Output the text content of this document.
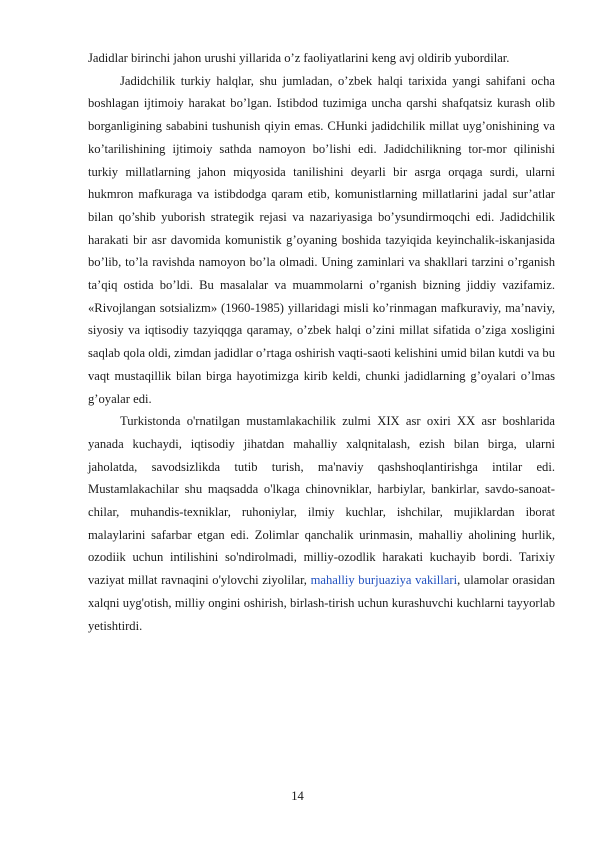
Jadidlar birinchi jahon urushi yillarida o’z faoliyatlarini keng avj oldirib yubordilar.

Jadidchilik turkiy halqlar, shu jumladan, o’zbek halqi tarixida yangi sahifani ocha boshlagan ijtimoiy harakat bo’lgan. Istibdod tuzimiga uncha qarshi shafqatsiz kurash olib borganligining sababini tushunish qiyin emas. CHunki jadidchilik millat uyg’onishining va ko’tarilishining ijtimoiy sathda namoyon bo’lishi edi. Jadidchilikning tor-mor qilinishi turkiy millatlarning jahon miqyosida tanilishini deyarli bir asrga orqaga surdi, ularni hukmron mafkuraga va istibdodga qaram etib, komunistlarning millatlarini jadal sur’atlar bilan qo’shib yuborish strategik rejasi va nazariyasiga bo’ysundirmoqchi edi. Jadidchilik harakati bir asr davomida komunistik g’oyaning boshida tazyiqida keyinchalik-iskanjasida bo’lib, to’la ravishda namoyon bo’la olmadi. Uning zaminlari va shakllari tarzini o’rganish ta’qiq ostida bo’ldi. Bu masalalar va muammolarni o’rganish bizning jiddiy vazifamiz. «Rivojlangan sotsializm» (1960-1985) yillaridagi misli ko’rinmagan mafkuraviy, ma’naviy, siyosiy va iqtisodiy tazyiqqga qaramay, o’zbek halqi o’zini millat sifatida o’ziga xosligini saqlab qola oldi, zimdan jadidlar o’rtaga oshirish vaqti-saoti kelishini umid bilan kutdi va bu vaqt mustaqillik bilan birga hayotimizga kirib keldi, chunki jadidlarning g’oyalari o’lmas g’oyalar edi.

Turkistonda o'rnatilgan mustamlakachilik zulmi XIX asr oxiri XX asr boshlarida yanada kuchaydi, iqtisodiy jihatdan mahalliy xalqnitalash, ezish bilan birga, ularni jaholatda, savodsizlikda tutib turish, ma'naviy qashshoqlantirishga intilar edi. Mustamlakachilar shu maqsadda o'lkaga chinovniklar, harbiylar, bankirlar, savdo-sanoat-chilar, muhandis-texniklar, ruhoniylar, ilmiy kuchlar, ishchilar, mujiklardan iborat malaylarini safarbar etgan edi. Zolimlar qanchalik urinmasin, mahalliy aholining hurlik, ozodiik uchun intilishini so'ndirolmadi, milliy-ozodlik harakati kuchayib bordi. Tarixiy vaziyat millat ravnaqini o'ylovchi ziyolilar, mahalliy burjuaziya vakillari, ulamolar orasidan xalqni uyg'otish, milliy ongini oshirish, birlash-tirish uchun kurashuvchi kuchlarni tayyorlab yetishtirdi.

14
